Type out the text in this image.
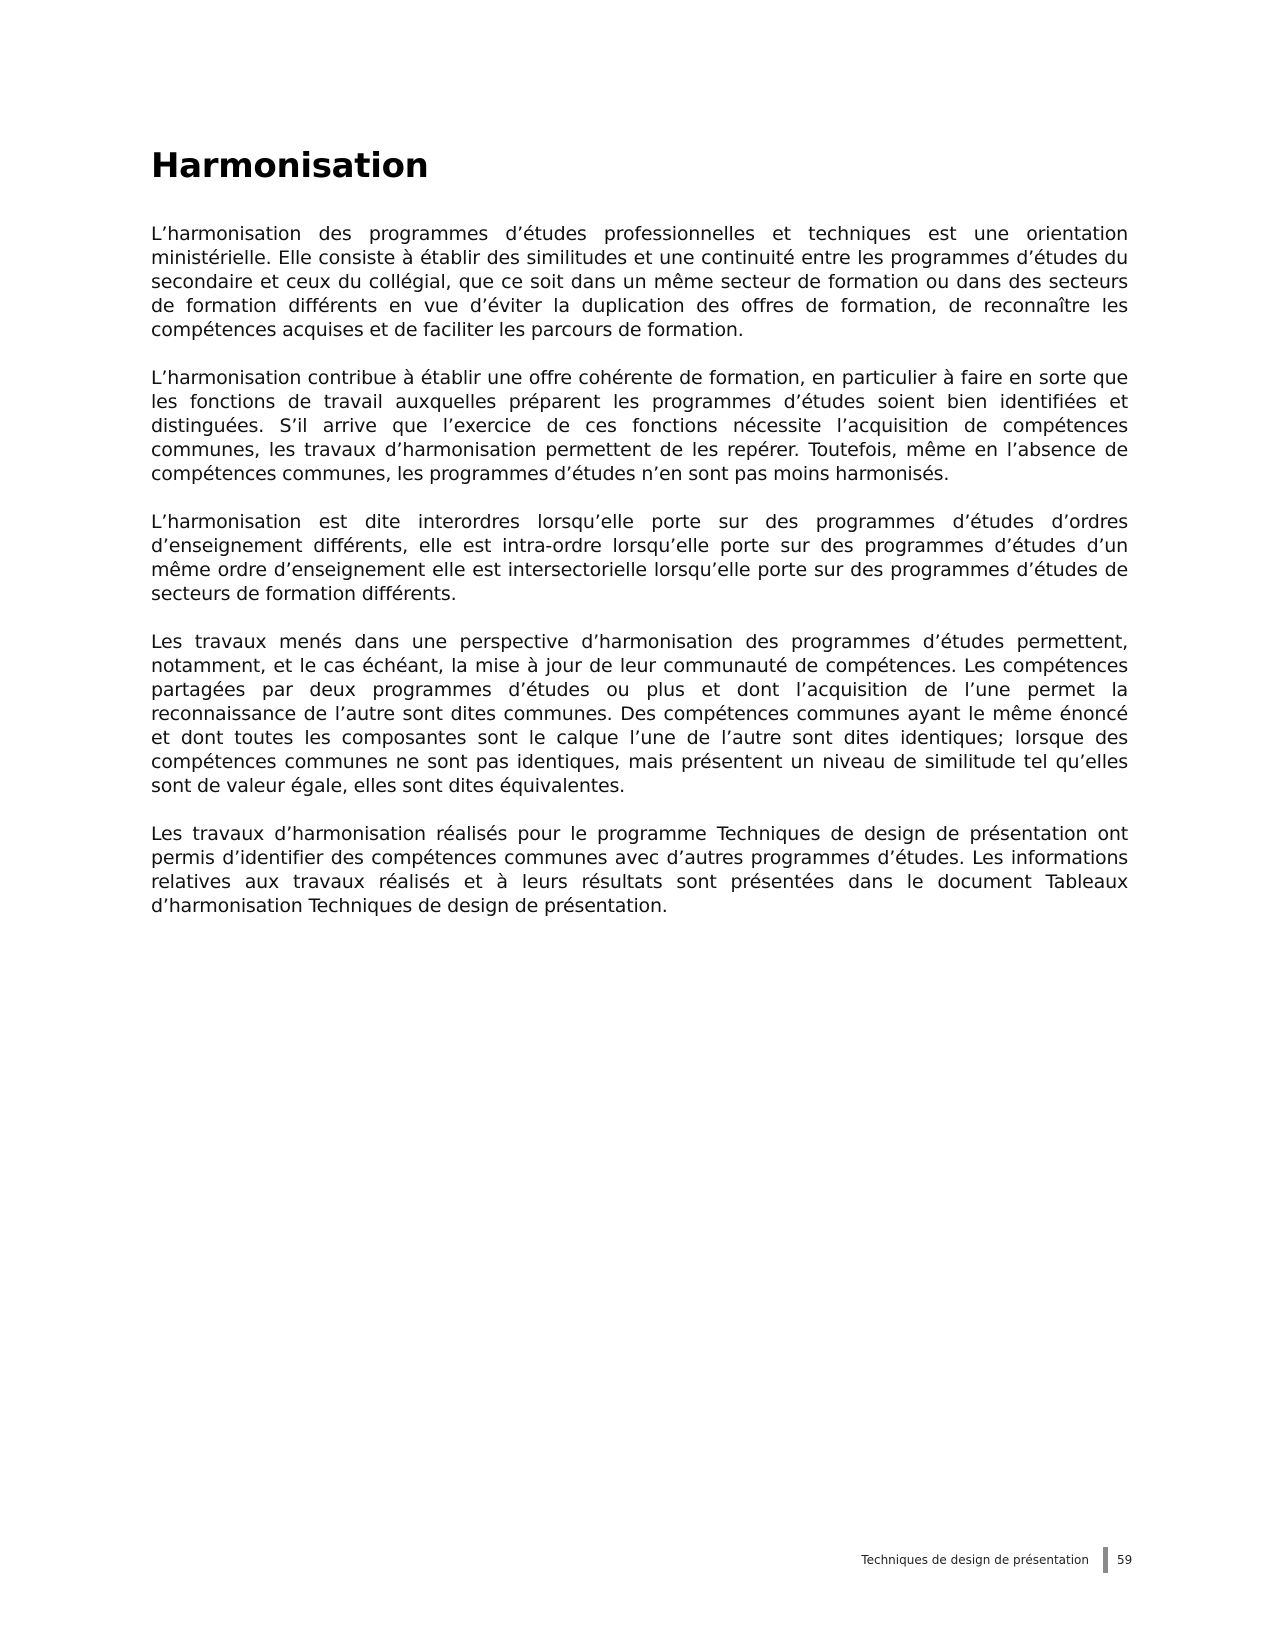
Harmonisation

L’harmonisation des programmes d’études professionnelles et techniques est une orientation ministérielle. Elle consiste à établir des similitudes et une continuité entre les programmes d’études du secondaire et ceux du collégial, que ce soit dans un même secteur de formation ou dans des secteurs de formation différents en vue d’éviter la duplication des offres de formation, de reconnaître les compétences acquises et de faciliter les parcours de formation.

L’harmonisation contribue à établir une offre cohérente de formation, en particulier à faire en sorte que les fonctions de travail auxquelles préparent les programmes d’études soient bien identifiées et distinguées. S’il arrive que l’exercice de ces fonctions nécessite l’acquisition de compétences communes, les travaux d’harmonisation permettent de les repérer. Toutefois, même en l’absence de compétences communes, les programmes d’études n’en sont pas moins harmonisés.

L’harmonisation est dite interordres lorsqu’elle porte sur des programmes d’études d’ordres d’enseignement différents, elle est intra-ordre lorsqu’elle porte sur des programmes d’études d’un même ordre d’enseignement elle est intersectorielle lorsqu’elle porte sur des programmes d’études de secteurs de formation différents.

Les travaux menés dans une perspective d’harmonisation des programmes d’études permettent, notamment, et le cas échéant, la mise à jour de leur communauté de compétences. Les compétences partagées par deux programmes d’études ou plus et dont l’acquisition de l’une permet la reconnaissance de l’autre sont dites communes. Des compétences communes ayant le même énoncé et dont toutes les composantes sont le calque l’une de l’autre sont dites identiques; lorsque des compétences communes ne sont pas identiques, mais présentent un niveau de similitude tel qu’elles sont de valeur égale, elles sont dites équivalentes.

Les travaux d’harmonisation réalisés pour le programme Techniques de design de présentation ont permis d’identifier des compétences communes avec d’autres programmes d’études. Les informations relatives aux travaux réalisés et à leurs résultats sont présentées dans le document Tableaux d’harmonisation Techniques de design de présentation.

Techniques de design de présentation 59
